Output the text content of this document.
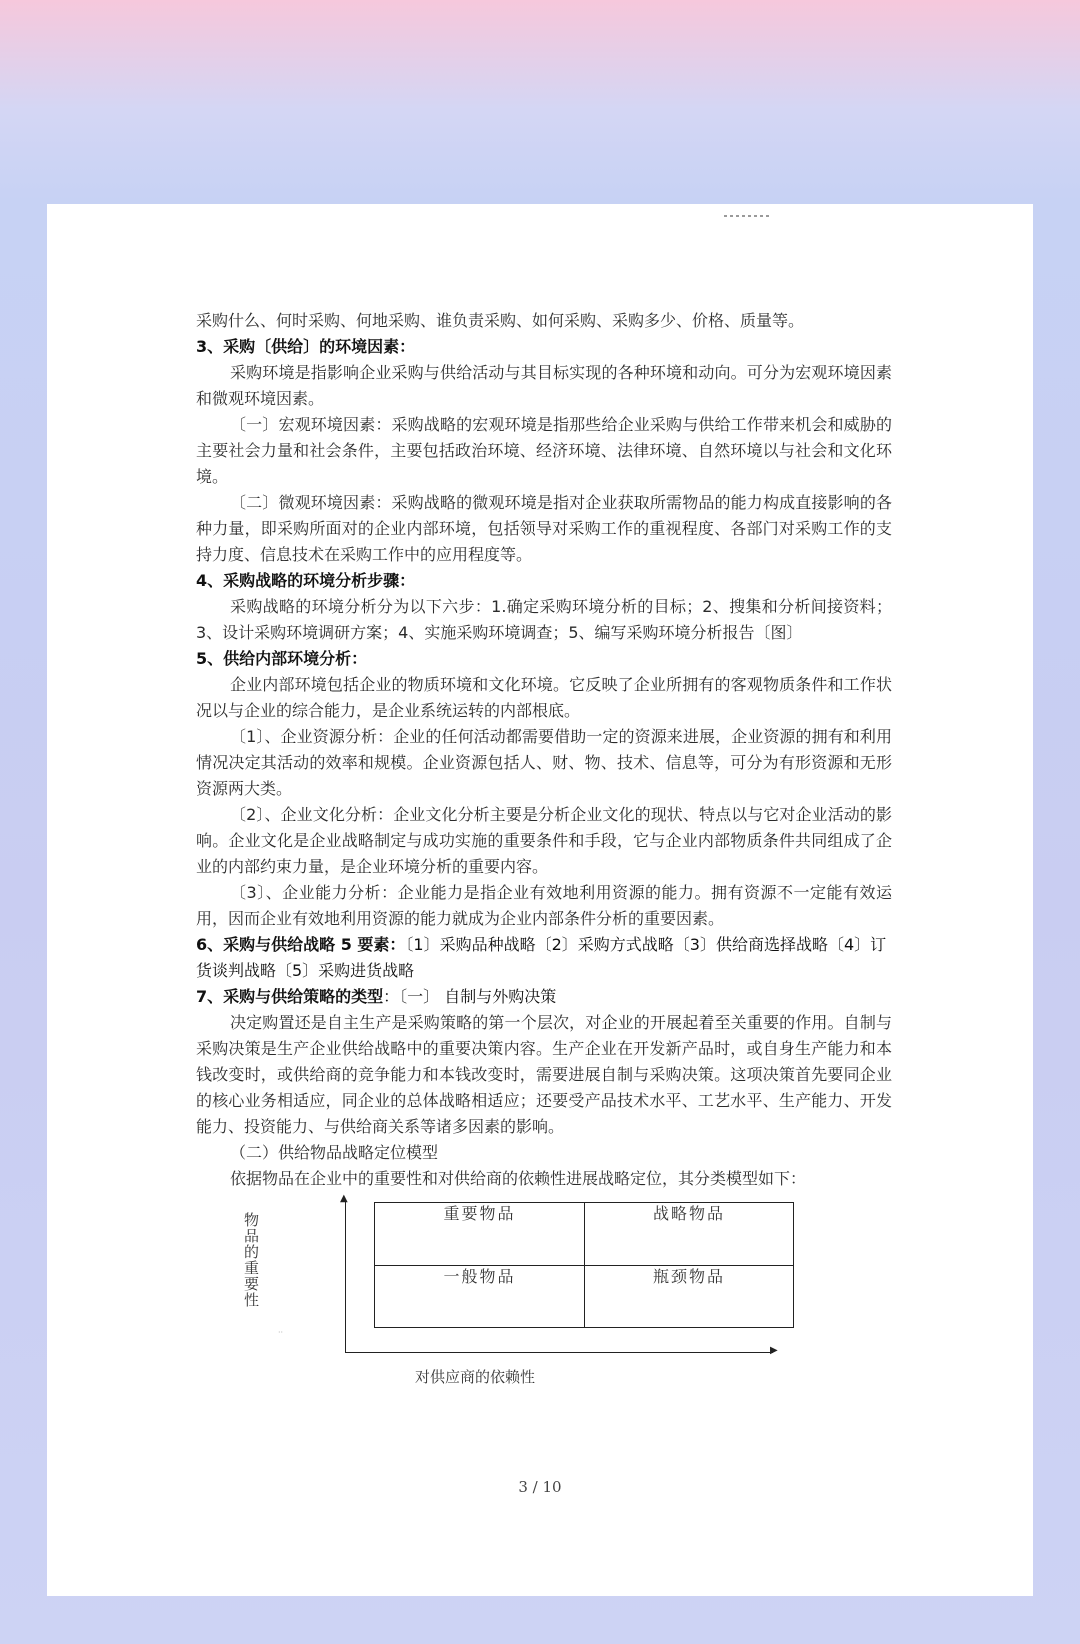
采购什么、何时采购、何地采购、谁负责采购、如何采购、采购多少、价格、质量等。

3、采购〔供给〕的环境因素：

采购环境是指影响企业采购与供给活动与其目标实现的各种环境和动向。可分为宏观环境因素和微观环境因素。

〔一〕宏观环境因素：采购战略的宏观环境是指那些给企业采购与供给工作带来机会和威胁的主要社会力量和社会条件，主要包括政治环境、经济环境、法律环境、自然环境以与社会和文化环境。

〔二〕微观环境因素：采购战略的微观环境是指对企业获取所需物品的能力构成直接影响的各种力量，即采购所面对的企业内部环境，包括领导对采购工作的重视程度、各部门对采购工作的支持力度、信息技术在采购工作中的应用程度等。

4、采购战略的环境分析步骤：

采购战略的环境分析分为以下六步：1.确定采购环境分析的目标；2、搜集和分析间接资料；3、设计采购环境调研方案；4、实施采购环境调查；5、编写采购环境分析报告〔图〕

5、供给内部环境分析：

企业内部环境包括企业的物质环境和文化环境。它反映了企业所拥有的客观物质条件和工作状况以与企业的综合能力，是企业系统运转的内部根底。

〔1〕、企业资源分析：企业的任何活动都需要借助一定的资源来进展，企业资源的拥有和利用情况决定其活动的效率和规模。企业资源包括人、财、物、技术、信息等，可分为有形资源和无形资源两大类。

〔2〕、企业文化分析：企业文化分析主要是分析企业文化的现状、特点以与它对企业活动的影响。企业文化是企业战略制定与成功实施的重要条件和手段，它与企业内部物质条件共同组成了企业的内部约束力量，是企业环境分析的重要内容。

〔3〕、企业能力分析：企业能力是指企业有效地利用资源的能力。拥有资源不一定能有效运用，因而企业有效地利用资源的能力就成为企业内部条件分析的重要因素。

6、采购与供给战略 5 要素：〔1〕采购品种战略〔2〕采购方式战略〔3〕供给商选择战略〔4〕订货谈判战略〔5〕采购进货战略
7、采购与供给策略的类型：〔一〕 自制与外购决策

决定购置还是自主生产是采购策略的第一个层次，对企业的开展起着至关重要的作用。自制与采购决策是生产企业供给战略中的重要决策内容。生产企业在开发新产品时，或自身生产能力和本钱改变时，或供给商的竞争能力和本钱改变时，需要进展自制与采购决策。这项决策首先要同企业的核心业务相适应，同企业的总体战略相适应；还要受产品技术水平、工艺水平、生产能力、开发能力、投资能力、与供给商关系等诸多因素的影响。

（二）供给物品战略定位模型

依据物品在企业中的重要性和对供给商的依赖性进展战略定位，其分类模型如下：

物品的重要性
▲
▶
··
重要物品	战略物品
一般物品	瓶颈物品
对供应商的依赖性
3 / 10
